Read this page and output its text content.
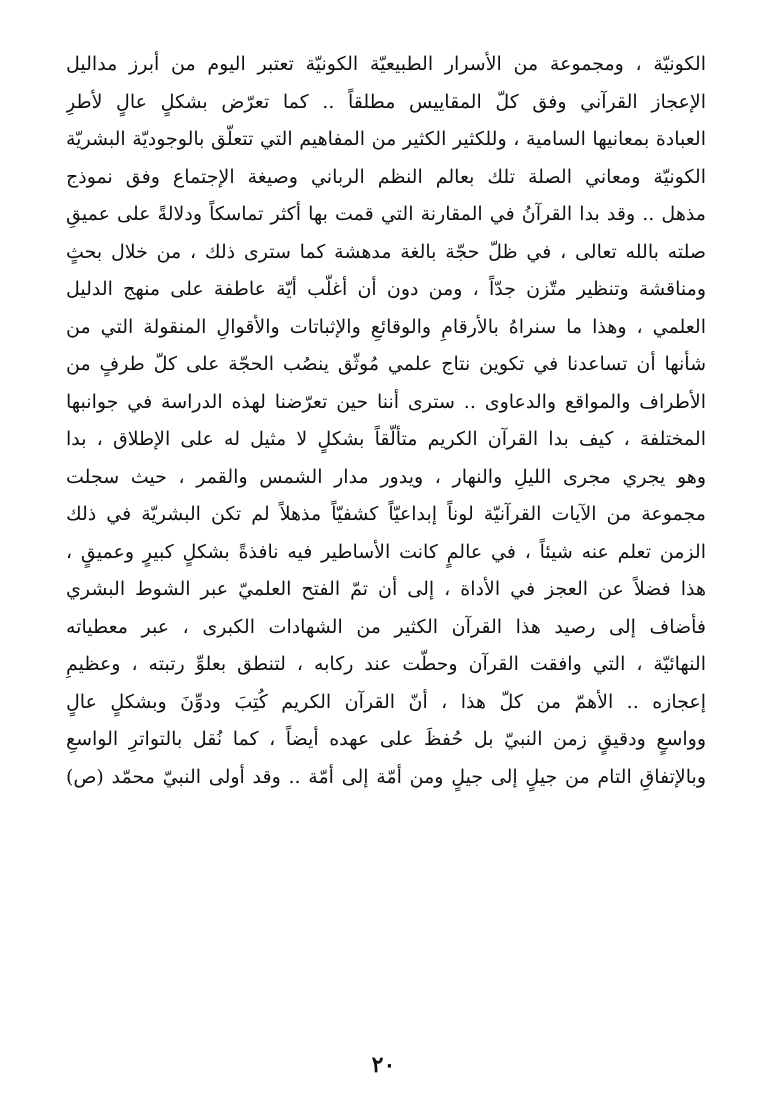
الكونيّة ، ومجموعة من الأسرار الطبيعيّة الكونيّة تعتبر اليوم من أبرز مداليل
الإعجاز القرآني وفق كلّ المقاييس مطلقاً .. كما تعرّض بشكلٍ عالٍ لأطرِ
العبادة بمعانيها السامية ، وللكثير الكثير من المفاهيم التي تتعلّق بالوجوديّة البشريّة
الكونيّة ومعاني الصلة تلك بعالم النظم الرباني وصيغة الإجتماع وفق نموذج
مذهل .. وقد بدا القرآنُ في المقارنة التي قمت بها أكثر تماسكاً ودلالةً على عميقِ
صلته بالله تعالى ، في ظلّ حجّة بالغة مدهشة كما سترى ذلك ، من خلال بحثٍ
ومناقشة وتنظير متّزن جدّاً ، ومن دون أن أغلّب أيّة عاطفة على منهج الدليل
العلمي ، وهذا ما سنراهُ بالأرقامِ والوقائعِ والإثباتات والأقوالِ المنقولة التي من
شأنها أن تساعدنا في تكوين نتاج علمي مُوثّق ينصُب الحجّة على كلّ طرفٍ من
الأطراف والمواقع والدعاوى .. سترى أننا حين تعرّضنا لهذه الدراسة في جوانبها
المختلفة ، كيف بدا القرآن الكريم متألّقاً بشكلٍ لا مثيل له على الإطلاق ، بدا
وهو يجري مجرى الليلِ والنهار ، ويدور مدار الشمس والقمر ، حيث سجلت
مجموعة من الآيات القرآنيّة لوناً إبداعيّاً كشفيّاً مذهلاً لم تكن البشريّة في ذلك
الزمن تعلم عنه شيئاً ، في عالمٍ كانت الأساطير فيه نافذةً بشكلٍ كبيرٍ وعميقٍ ،
هذا فضلاً عن العجز في الأداة ، إلى أن تمّ الفتح العلميّ عبر الشوط البشري
فأضاف إلى رصيد هذا القرآن الكثير من الشهادات الكبرى ، عبر معطياته
النهائيّة ، التي وافقت القرآن وحطّت عند ركابه ، لتنطق بعلوِّ رتبته ، وعظيمِ
إعجازه .. الأهمّ من كلّ هذا ، أنّ القرآن الكريم كُتِبَ ودوِّنَ وبشكلٍ عالٍ
وواسعٍ ودقيقٍ زمن النبيّ بل حُفظَ على عهده أيضاً ، كما نُقل بالتواترِ الواسعِ
وبالإتفاقِ التام من جيلٍ إلى جيلٍ ومن أمّة إلى أمّة .. وقد أولى النبيّ محمّد (ص)
٢٠
